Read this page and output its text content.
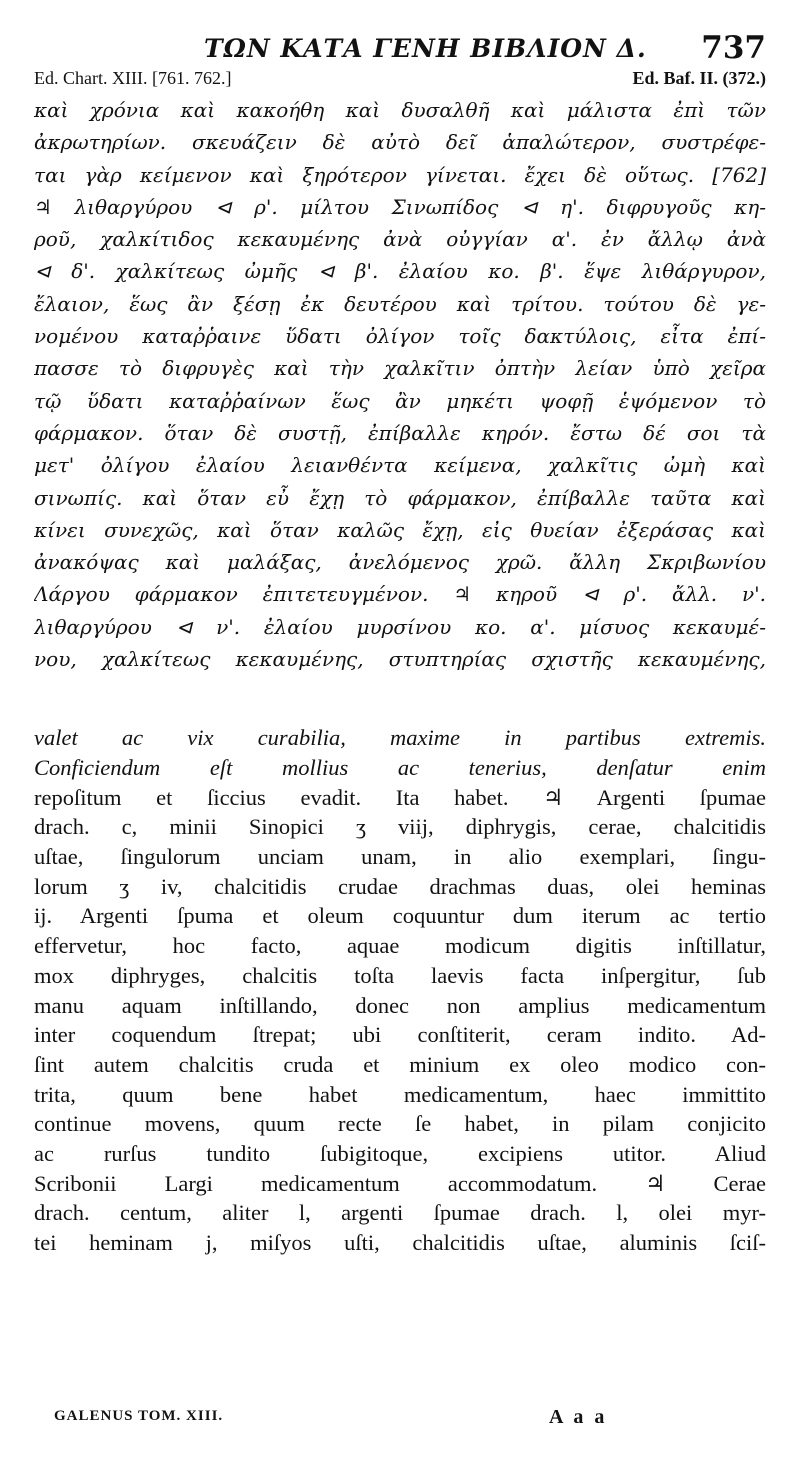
ΤΩΝ ΚΑΤΑ ΓΕΝΗ ΒΙΒΛΙΟΝ Δ. 737
Ed. Chart. XIII. [761. 762.]	Ed. Baf. II. (372.)
καὶ χρόνια καὶ κακοήθη καὶ δυσαλθῆ καὶ μάλιστα ἐπὶ τῶν
ἀκρωτηρίων. σκευάζειν δὲ αὐτὸ δεῖ ἁπαλώτερον, συστρέφε-
ται γὰρ κείμενον καὶ ξηρότερον γίνεται. ἔχει δὲ οὕτως. [762]
♃ λιθαργύρου ⊲ ρ'. μίλτου Σινωπίδος ⊲ η'. διφρυγοῦς κη-
ροῦ, χαλκίτιδος κεκαυμένης ἀνὰ οὐγγίαν α'. ἐν ἄλλῳ ἀνὰ
⊲ δ'. χαλκίτεως ὠμῆς ⊲ β'. ἐλαίου κο. β'. ἕψε λιθάργυρον,
ἔλαιον, ἕως ἂν ξέσῃ ἐκ δευτέρου καὶ τρίτου. τούτου δὲ γε-
νομένου καταῤῥαινε ὕδατι ὀλίγον τοῖς δακτύλοις, εἶτα ἐπί-
πασσε τὸ διφρυγὲς καὶ τὴν χαλκῖτιν ὀπτὴν λείαν ὑπὸ χεῖρα
τῷ ὕδατι καταῤῥαίνων ἕως ἂν μηκέτι ψοφῇ ἑψόμενον τὸ
φάρμακον. ὅταν δὲ συστῇ, ἐπίβαλλε κηρόν. ἔστω δέ σοι τὰ
μετ' ὀλίγου ἐλαίου λειανθέντα κείμενα, χαλκῖτις ὠμὴ καὶ
σινωπίς. καὶ ὅταν εὖ ἔχῃ τὸ φάρμακον, ἐπίβαλλε ταῦτα καὶ
κίνει συνεχῶς, καὶ ὅταν καλῶς ἔχῃ, εἰς θυείαν ἐξεράσας καὶ
ἀνακόψας καὶ μαλάξας, ἀνελόμενος χρῶ. ἄλλη Σκριβωνίου
Λάργου φάρμακον ἐπιτετευγμένον. ♃ κηροῦ ⊲ ρ'. ἄλλ. ν'.
λιθαργύρου ⊲ ν'. ἐλαίου μυρσίνου κο. α'. μίσυος κεκαυμέ-
νου, χαλκίτεως κεκαυμένης, στυπτηρίας σχιστῆς κεκαυμένης,
valet ac vix curabilia, maxime in partibus extremis.
Conficiendum eſt mollius ac tenerius, denſatur enim
repoſitum et ſiccius evadit. Ita habet. ♃ Argenti ſpumae
drach. c, minii Sinopici ʒ viij, diphrygis, cerae, chalcitidis
uſtae, ſingulorum unciam unam, in alio exemplari, ſingu-
lorum ʒ iv, chalcitidis crudae drachmas duas, olei heminas
ij. Argenti ſpuma et oleum coquuntur dum iterum ac tertio
effervetur, hoc facto, aquae modicum digitis inſtillatur,
mox diphryges, chalcitis toſta laevis facta inſpergitur, ſub
manu aquam inſtillando, donec non amplius medicamentum
inter coquendum ſtrepat; ubi conſtiterit, ceram indito. Ad-
ſint autem chalcitis cruda et minium ex oleo modico con-
trita, quum bene habet medicamentum, haec immittito
continue movens, quum recte ſe habet, in pilam conjicito
ac rurſus tundito ſubigitoque, excipiens utitor. Aliud
Scribonii Largi medicamentum accommodatum. ♃ Cerae
drach. centum, aliter l, argenti ſpumae drach. l, olei myr-
tei heminam j, miſyos uſti, chalcitidis uſtae, aluminis ſciſ-
GALENUS TOM. XIII.	A a a
